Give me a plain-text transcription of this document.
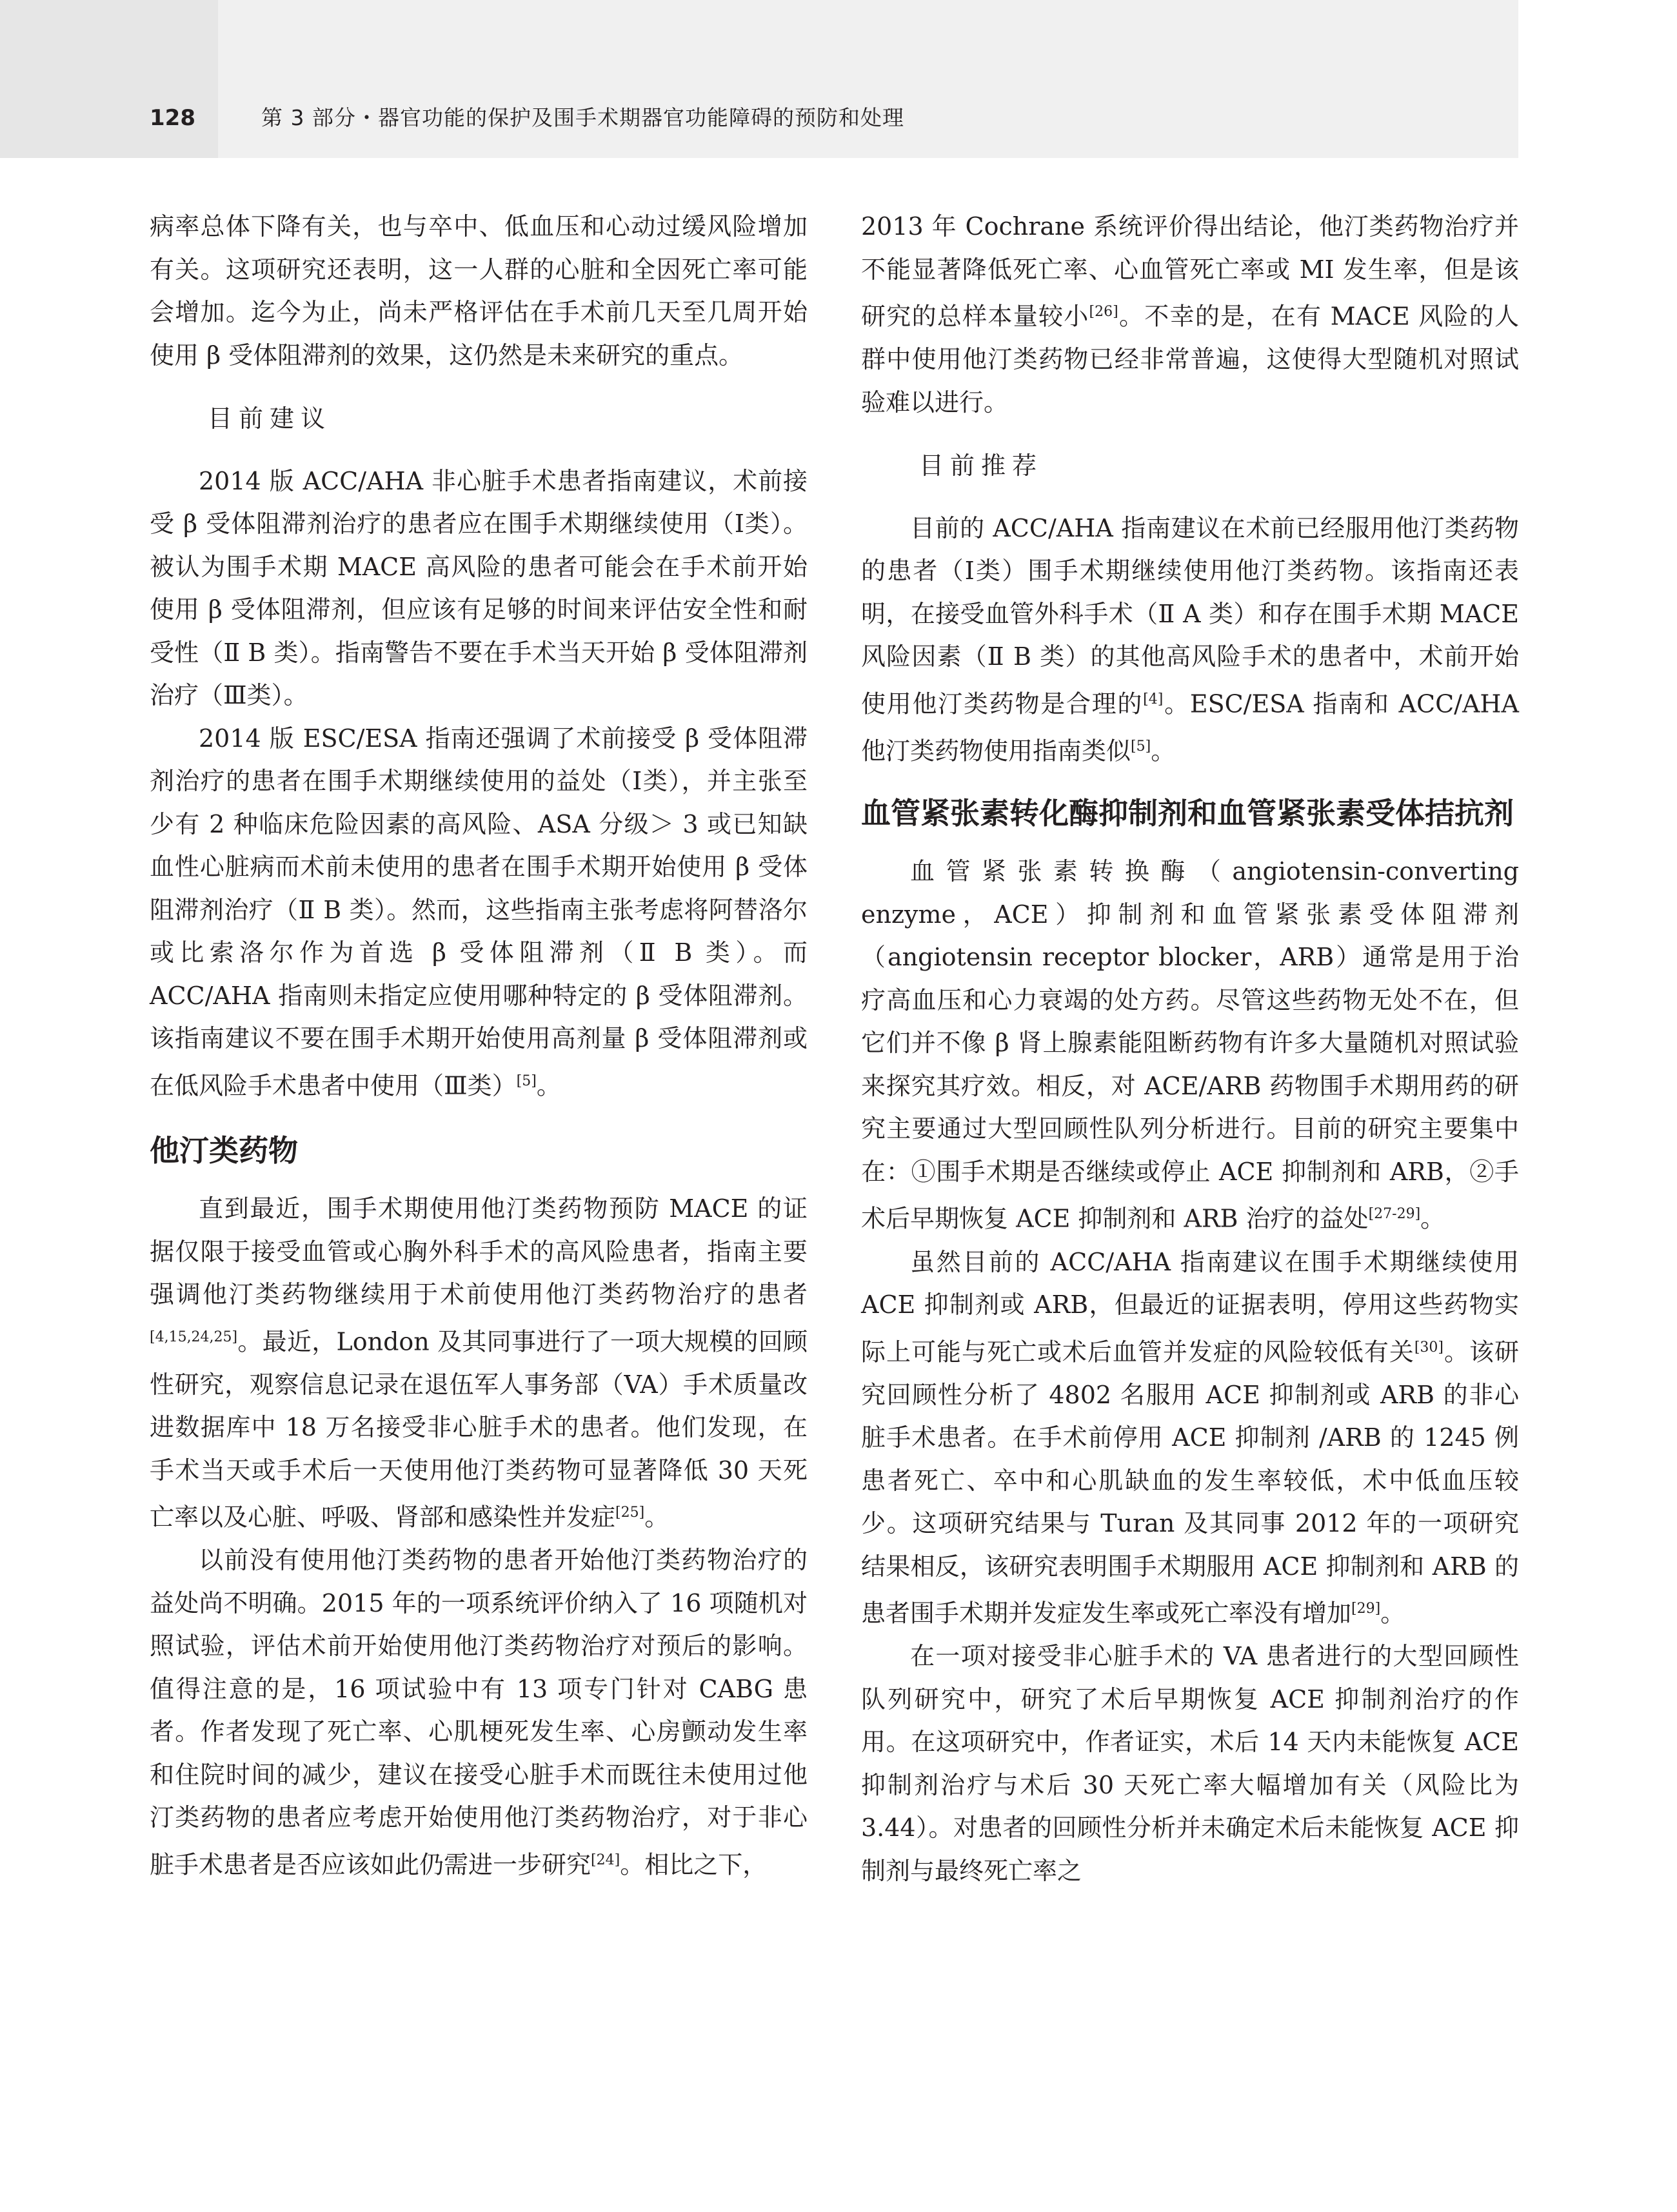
128	第 3 部分・器官功能的保护及围手术期器官功能障碍的预防和处理

病率总体下降有关，也与卒中、低血压和心动过缓风险增加有关。这项研究还表明，这一人群的心脏和全因死亡率可能会增加。迄今为止，尚未严格评估在手术前几天至几周开始使用 β 受体阻滞剂的效果，这仍然是未来研究的重点。

目前建议

2014 版 ACC/AHA 非心脏手术患者指南建议，术前接受 β 受体阻滞剂治疗的患者应在围手术期继续使用（Ⅰ类）。被认为围手术期 MACE 高风险的患者可能会在手术前开始使用 β 受体阻滞剂，但应该有足够的时间来评估安全性和耐受性（Ⅱ B 类）。指南警告不要在手术当天开始 β 受体阻滞剂治疗（Ⅲ类）。

2014 版 ESC/ESA 指南还强调了术前接受 β 受体阻滞剂治疗的患者在围手术期继续使用的益处（Ⅰ类），并主张至少有 2 种临床危险因素的高风险、ASA 分级＞ 3 或已知缺血性心脏病而术前未使用的患者在围手术期开始使用 β 受体阻滞剂治疗（Ⅱ B 类）。然而，这些指南主张考虑将阿替洛尔或比索洛尔作为首选 β 受体阻滞剂（Ⅱ B 类）。而 ACC/AHA 指南则未指定应使用哪种特定的 β 受体阻滞剂。该指南建议不要在围手术期开始使用高剂量 β 受体阻滞剂或在低风险手术患者中使用（Ⅲ类）[5]。

他汀类药物

直到最近，围手术期使用他汀类药物预防 MACE 的证据仅限于接受血管或心胸外科手术的高风险患者，指南主要强调他汀类药物继续用于术前使用他汀类药物治疗的患者[4,15,24,25]。最近，London 及其同事进行了一项大规模的回顾性研究，观察信息记录在退伍军人事务部（VA）手术质量改进数据库中 18 万名接受非心脏手术的患者。他们发现，在手术当天或手术后一天使用他汀类药物可显著降低 30 天死亡率以及心脏、呼吸、肾部和感染性并发症[25]。

以前没有使用他汀类药物的患者开始他汀类药物治疗的益处尚不明确。2015 年的一项系统评价纳入了 16 项随机对照试验，评估术前开始使用他汀类药物治疗对预后的影响。值得注意的是，16 项试验中有 13 项专门针对 CABG 患者。作者发现了死亡率、心肌梗死发生率、心房颤动发生率和住院时间的减少，建议在接受心脏手术而既往未使用过他汀类药物的患者应考虑开始使用他汀类药物治疗，对于非心脏手术患者是否应该如此仍需进一步研究[24]。相比之下，

2013 年 Cochrane 系统评价得出结论，他汀类药物治疗并不能显著降低死亡率、心血管死亡率或 MI 发生率，但是该研究的总样本量较小[26]。不幸的是，在有 MACE 风险的人群中使用他汀类药物已经非常普遍，这使得大型随机对照试验难以进行。

目前推荐

目前的 ACC/AHA 指南建议在术前已经服用他汀类药物的患者（Ⅰ类）围手术期继续使用他汀类药物。该指南还表明，在接受血管外科手术（Ⅱ A 类）和存在围手术期 MACE 风险因素（Ⅱ B 类）的其他高风险手术的患者中，术前开始使用他汀类药物是合理的[4]。ESC/ESA 指南和 ACC/AHA 他汀类药物使用指南类似[5]。

血管紧张素转化酶抑制剂和血管紧张素受体拮抗剂

血管紧张素转换酶（angiotensin-converting enzyme，ACE）抑制剂和血管紧张素受体阻滞剂（angiotensin receptor blocker，ARB）通常是用于治疗高血压和心力衰竭的处方药。尽管这些药物无处不在，但它们并不像 β 肾上腺素能阻断药物有许多大量随机对照试验来探究其疗效。相反，对 ACE/ARB 药物围手术期用药的研究主要通过大型回顾性队列分析进行。目前的研究主要集中在：①围手术期是否继续或停止 ACE 抑制剂和 ARB，②手术后早期恢复 ACE 抑制剂和 ARB 治疗的益处[27-29]。

虽然目前的 ACC/AHA 指南建议在围手术期继续使用 ACE 抑制剂或 ARB，但最近的证据表明，停用这些药物实际上可能与死亡或术后血管并发症的风险较低有关[30]。该研究回顾性分析了 4802 名服用 ACE 抑制剂或 ARB 的非心脏手术患者。在手术前停用 ACE 抑制剂 /ARB 的 1245 例患者死亡、卒中和心肌缺血的发生率较低，术中低血压较少。这项研究结果与 Turan 及其同事 2012 年的一项研究结果相反，该研究表明围手术期服用 ACE 抑制剂和 ARB 的患者围手术期并发症发生率或死亡率没有增加[29]。

在一项对接受非心脏手术的 VA 患者进行的大型回顾性队列研究中，研究了术后早期恢复 ACE 抑制剂治疗的作用。在这项研究中，作者证实，术后 14 天内未能恢复 ACE 抑制剂治疗与术后 30 天死亡率大幅增加有关（风险比为 3.44）。对患者的回顾性分析并未确定术后未能恢复 ACE 抑制剂与最终死亡率之
